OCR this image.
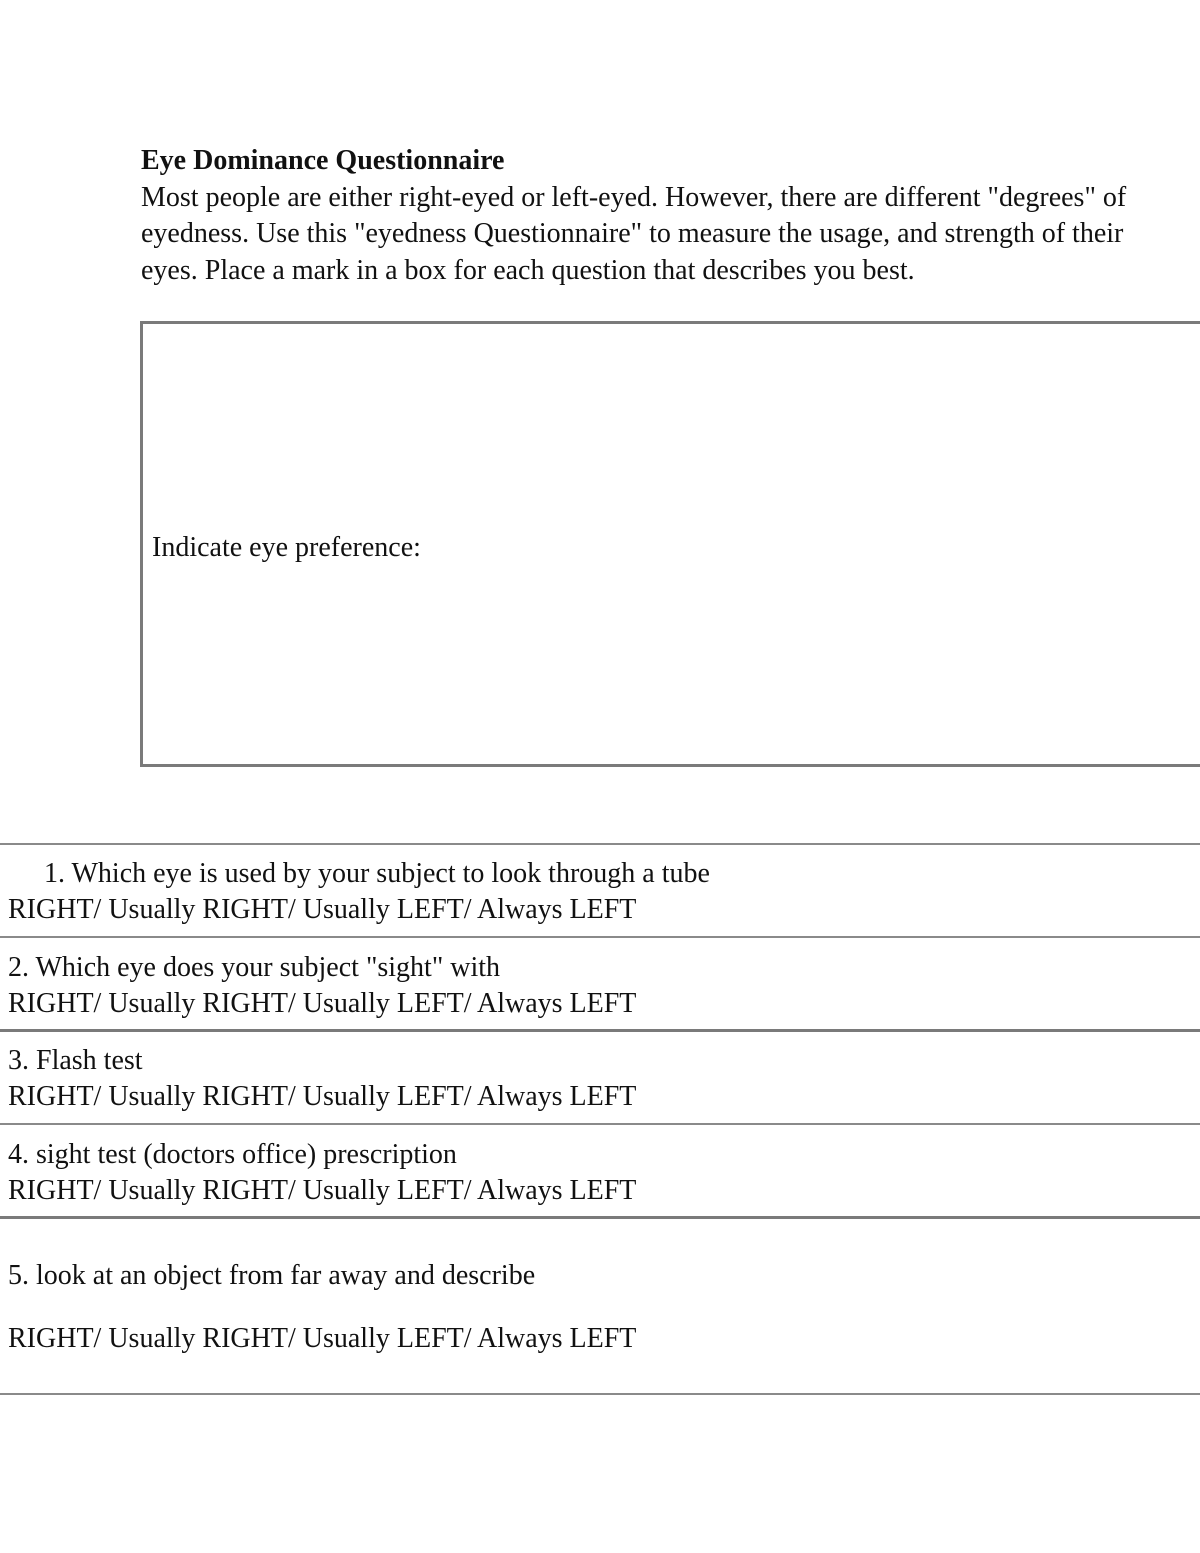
Eye Dominance Questionnaire
Most people are either right-eyed or left-eyed. However, there are different "degrees" of eyedness. Use this "eyedness Questionnaire" to measure the usage, and strength of their eyes. Place a mark in a box for each question that describes you best.
Indicate eye preference:
1. Which eye is used by your subject to look through a tube
RIGHT/ Usually RIGHT/ Usually LEFT/ Always LEFT
2. Which eye does your subject "sight" with
RIGHT/ Usually RIGHT/ Usually LEFT/ Always LEFT
3. Flash test
RIGHT/ Usually RIGHT/ Usually LEFT/ Always LEFT
4. sight test (doctors office) prescription
RIGHT/ Usually RIGHT/ Usually LEFT/ Always LEFT
5. look at an object from far away and describe
RIGHT/ Usually RIGHT/ Usually LEFT/ Always LEFT
